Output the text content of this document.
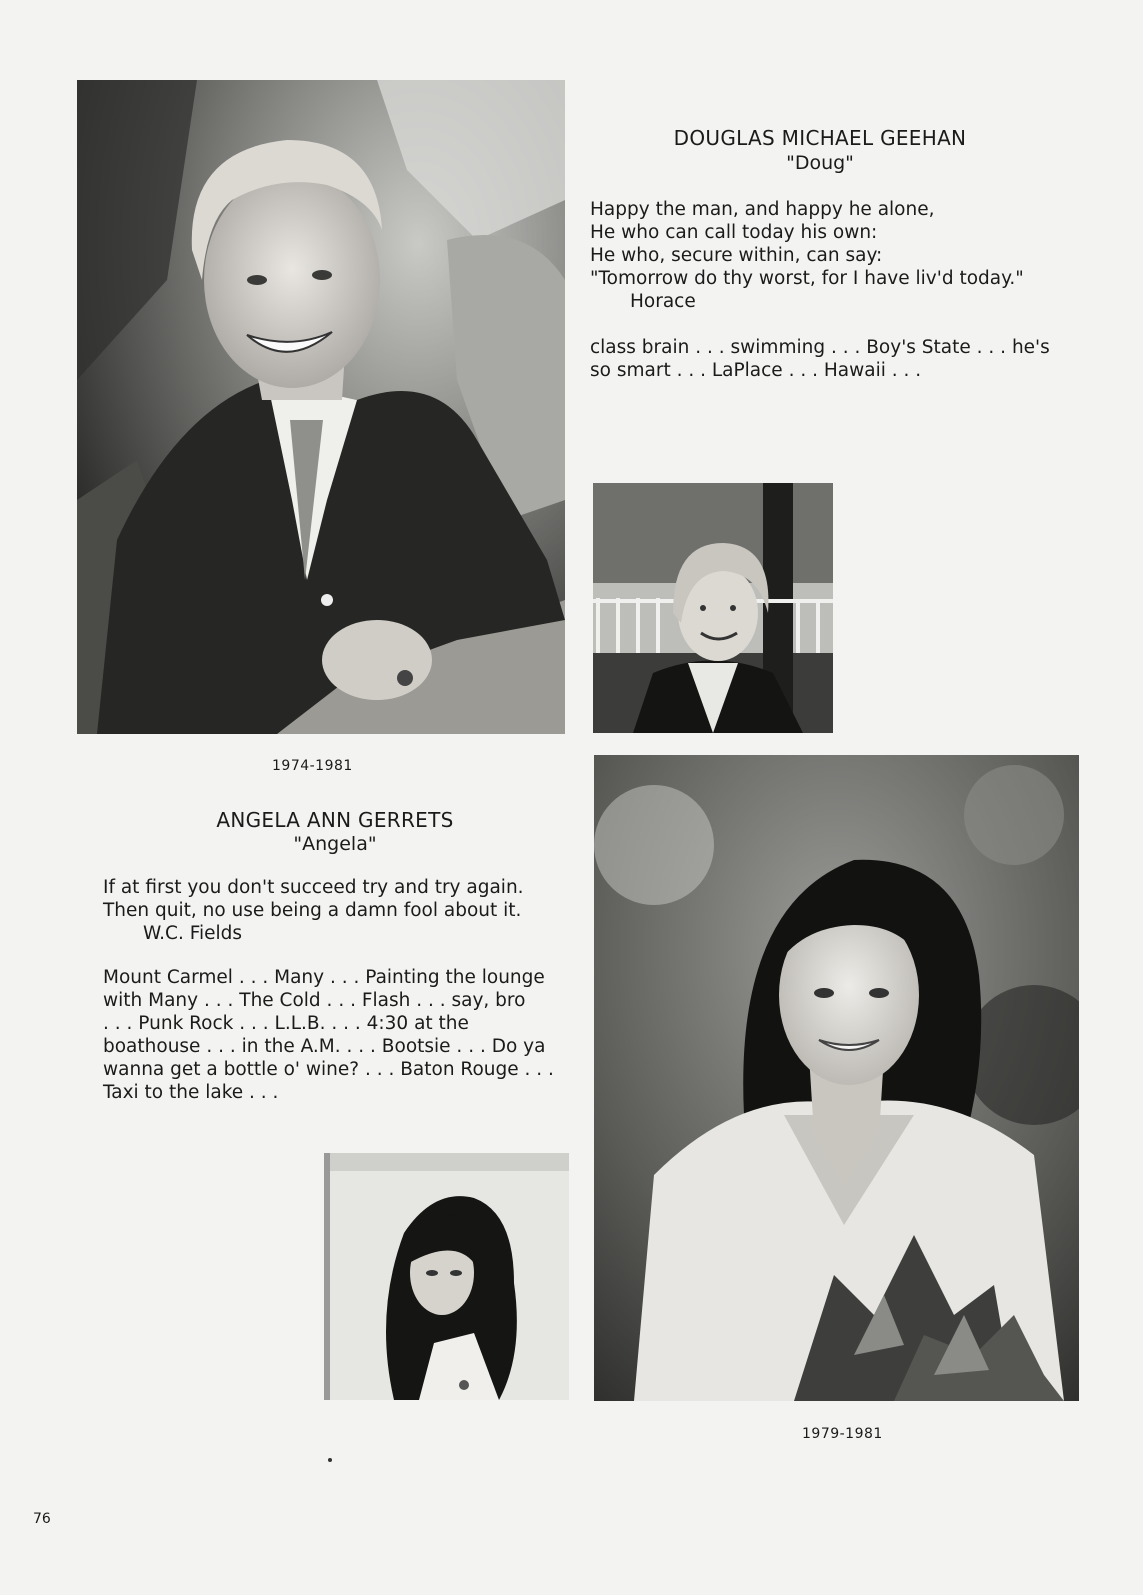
DOUGLAS MICHAEL GEEHAN
"Doug"
Happy the man, and happy he alone,
He who can call today his own:
He who, secure within, can say:
"Tomorrow do thy worst, for I have liv'd today."
Horace
class brain . . . swimming . . . Boy's State . . . he's
so smart . . . LaPlace . . . Hawaii . . .
1974-1981
ANGELA ANN GERRETS
"Angela"
If at first you don't succeed try and try again.
Then quit, no use being a damn fool about it.
W.C. Fields
Mount Carmel . . . Many . . . Painting the lounge
with Many . . . The Cold . . . Flash . . . say, bro
. . . Punk Rock . . . L.L.B. . . . 4:30 at the
boathouse . . . in the A.M. . . . Bootsie . . . Do ya
wanna get a bottle o' wine? . . . Baton Rouge . . .
Taxi to the lake . . .
1979-1981
76
